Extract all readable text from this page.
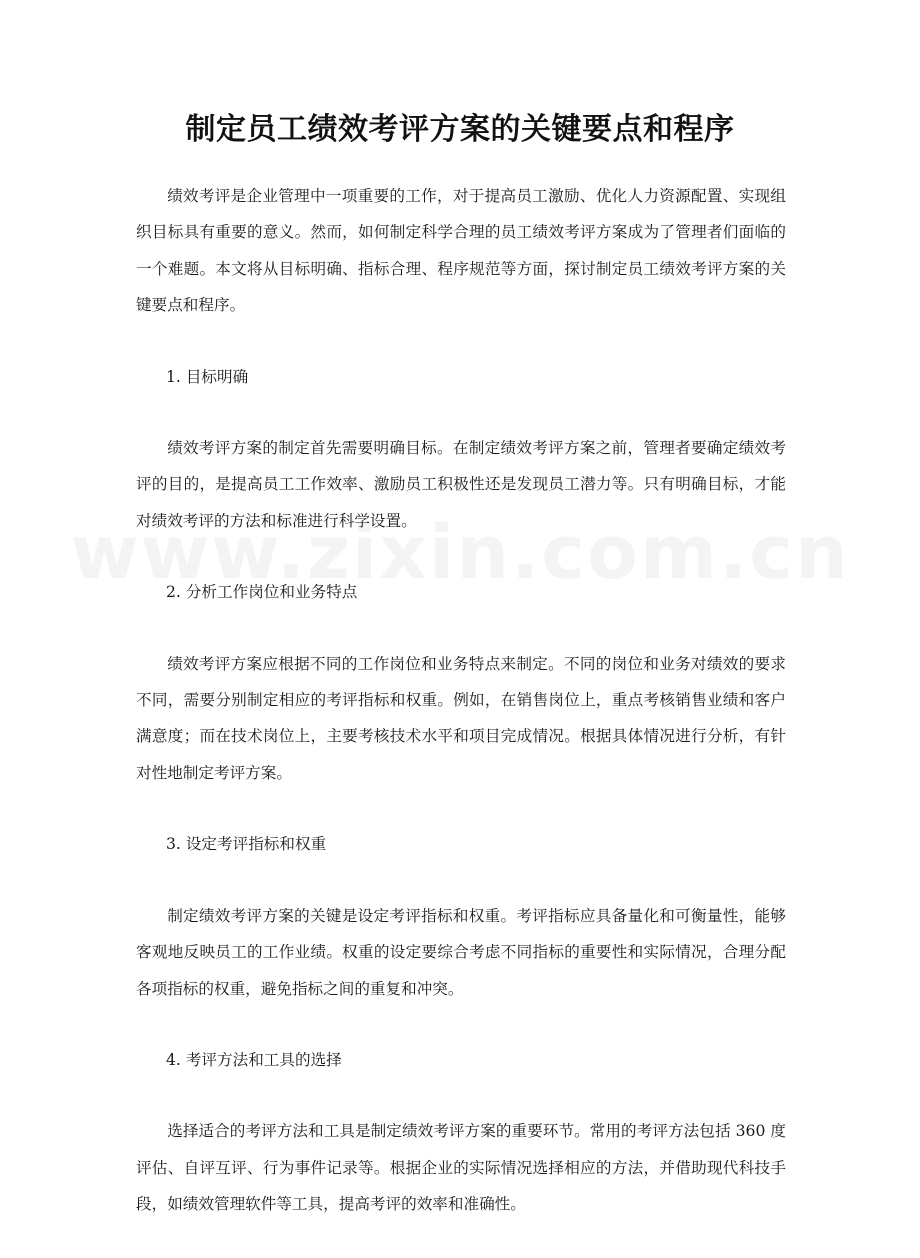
制定员工绩效考评方案的关键要点和程序

绩效考评是企业管理中一项重要的工作，对于提高员工激励、优化人力资源配置、实现组织目标具有重要的意义。然而，如何制定科学合理的员工绩效考评方案成为了管理者们面临的一个难题。本文将从目标明确、指标合理、程序规范等方面，探讨制定员工绩效考评方案的关键要点和程序。

1. 目标明确

绩效考评方案的制定首先需要明确目标。在制定绩效考评方案之前，管理者要确定绩效考评的目的，是提高员工工作效率、激励员工积极性还是发现员工潜力等。只有明确目标，才能对绩效考评的方法和标准进行科学设置。

2. 分析工作岗位和业务特点

绩效考评方案应根据不同的工作岗位和业务特点来制定。不同的岗位和业务对绩效的要求不同，需要分别制定相应的考评指标和权重。例如，在销售岗位上，重点考核销售业绩和客户满意度；而在技术岗位上，主要考核技术水平和项目完成情况。根据具体情况进行分析，有针对性地制定考评方案。

3. 设定考评指标和权重

制定绩效考评方案的关键是设定考评指标和权重。考评指标应具备量化和可衡量性，能够客观地反映员工的工作业绩。权重的设定要综合考虑不同指标的重要性和实际情况，合理分配各项指标的权重，避免指标之间的重复和冲突。

4. 考评方法和工具的选择

选择适合的考评方法和工具是制定绩效考评方案的重要环节。常用的考评方法包括 360 度评估、自评互评、行为事件记录等。根据企业的实际情况选择相应的方法，并借助现代科技手段，如绩效管理软件等工具，提高考评的效率和准确性。
